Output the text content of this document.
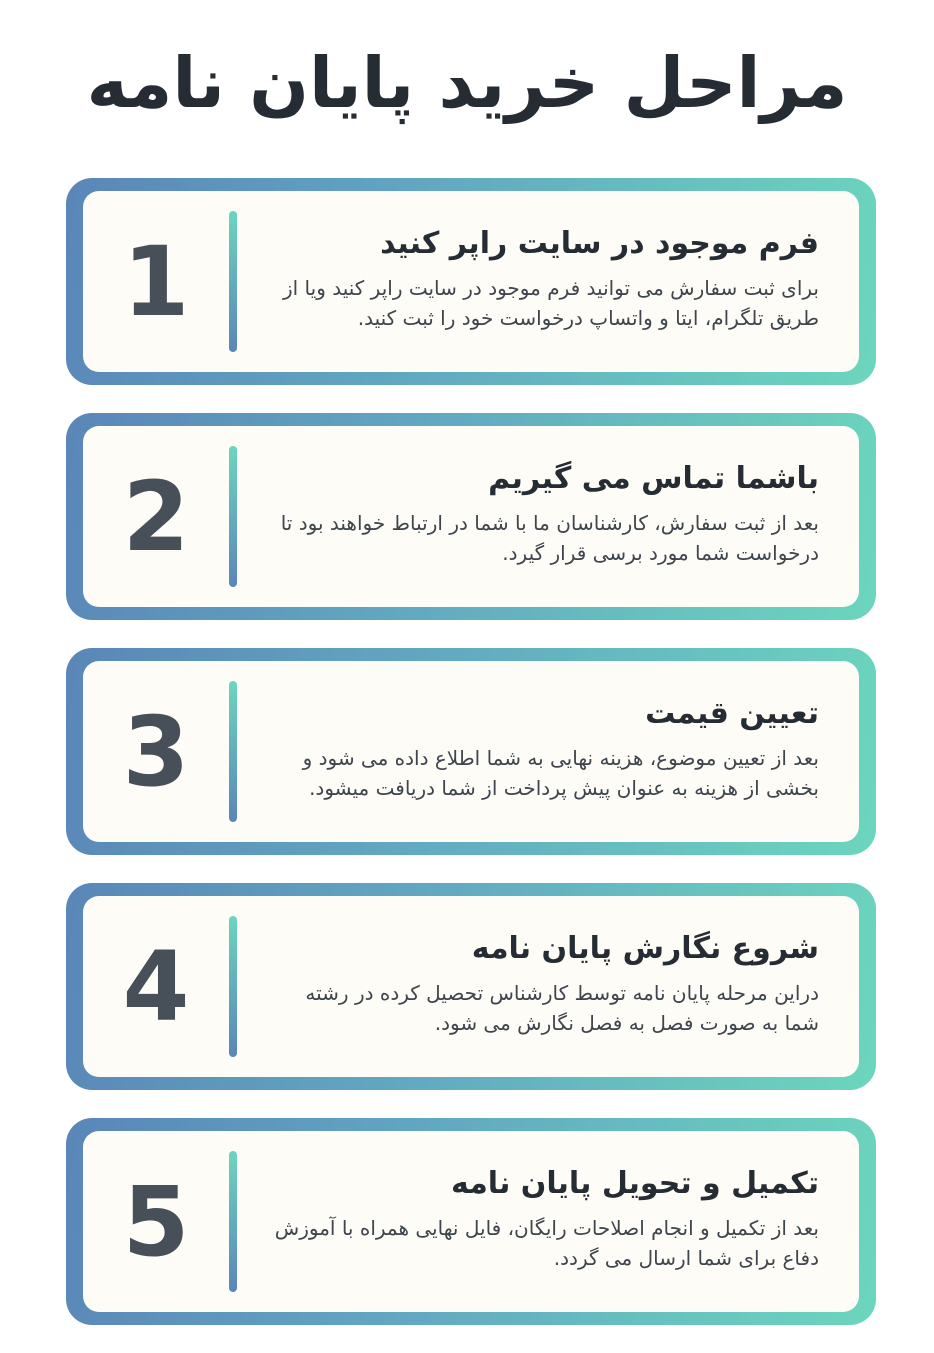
مراحل خرید پایان نامه
1	فرم موجود در سایت راپر کنید

برای ثبت سفارش می توانید فرم موجود در سایت راپر کنید ویا از طریق تلگرام، ایتا و واتساپ درخواست خود را ثبت کنید.

2	باشما تماس می گیریم

بعد از ثبت سفارش، کارشناسان ما با شما در ارتباط خواهند بود تا درخواست شما مورد برسی قرار گیرد.

3	تعیین قیمت

بعد از تعیین موضوع، هزینه نهایی به شما اطلاع داده می شود و بخشی از هزینه به عنوان پیش پرداخت از شما دریافت میشود.

4	شروع نگارش پایان نامه

دراین مرحله پایان نامه توسط کارشناس تحصیل کرده در رشته شما به صورت فصل به فصل نگارش می شود.

5	تکمیل و تحویل پایان نامه

بعد از تکمیل و انجام اصلاحات رایگان، فایل نهایی همراه با آموزش دفاع برای شما ارسال می گردد.
